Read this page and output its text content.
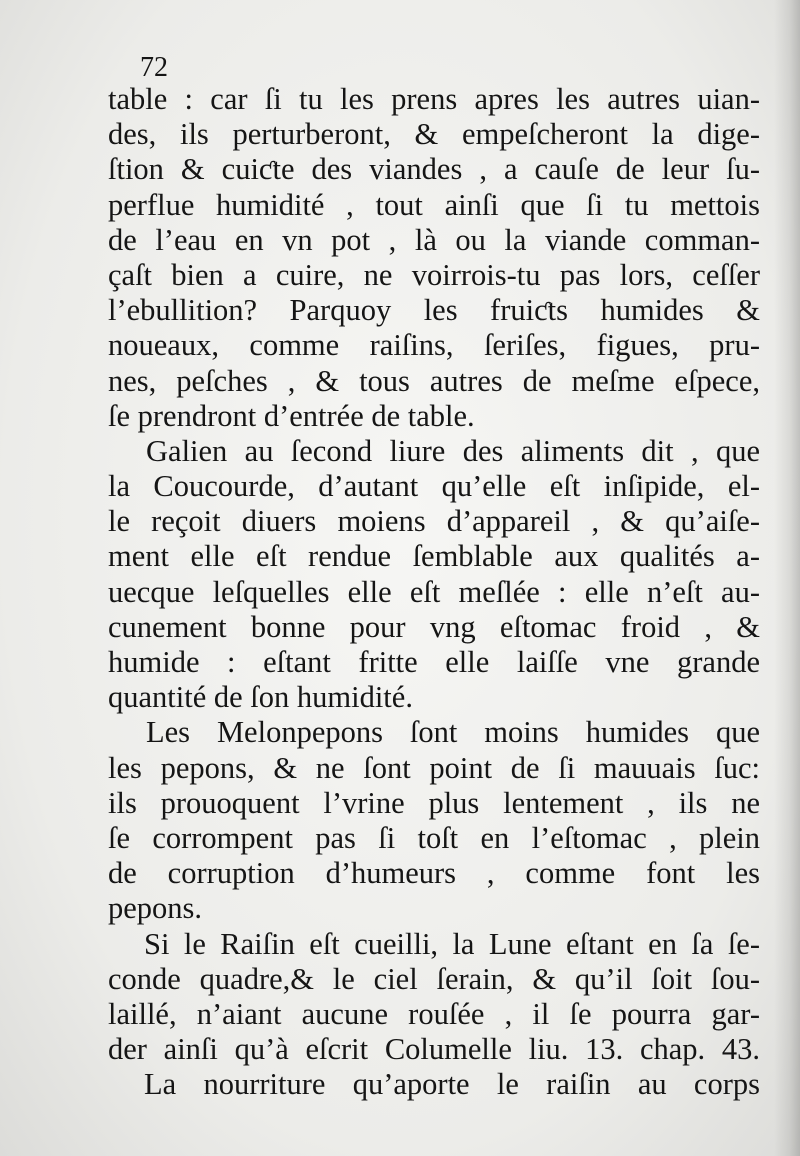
72
table : car ſi tu les prens apres les autres uian-
des, ils perturberont, & empeſcheront la dige-
ſtion & cuiƈte des viandes , a cauſe de leur ſu-
perflue humidité , tout ainſi que ſi tu mettois
de l’eau en vn pot , là ou la viande comman-
çaſt bien a cuire, ne voirrois-tu pas lors, ceſſer
l’ebullition? Parquoy les fruiƈts humides &
noueaux, comme raiſins, ſeriſes, figues, pru-
nes, peſches , & tous autres de meſme eſpece,
ſe prendront d’entrée de table.
Galien au ſecond liure des aliments dit , que
la Coucourde, d’autant qu’elle eſt inſipide, el-
le reçoit diuers moiens d’appareil , & qu’aiſe-
ment elle eſt rendue ſemblable aux qualités a-
uecque leſquelles elle eſt meſlée : elle n’eſt au-
cunement bonne pour vng eſtomac froid , &
humide : eſtant fritte elle laiſſe vne grande
quantité de ſon humidité.
Les Melonpepons ſont moins humides que
les pepons, & ne ſont point de ſi mauuais ſuc:
ils prouoquent l’vrine plus lentement , ils ne
ſe corrompent pas ſi toſt en l’eſtomac , plein
de corruption d’humeurs , comme font les
pepons.
Si le Raiſin eſt cueilli, la Lune eſtant en ſa ſe-
conde quadre,& le ciel ſerain, & qu’il ſoit ſou-
laillé, n’aiant aucune rouſée , il ſe pourra gar-
der ainſi qu’à eſcrit Columelle liu. 13. chap. 43.
La nourriture qu’aporte le raiſin au corps
